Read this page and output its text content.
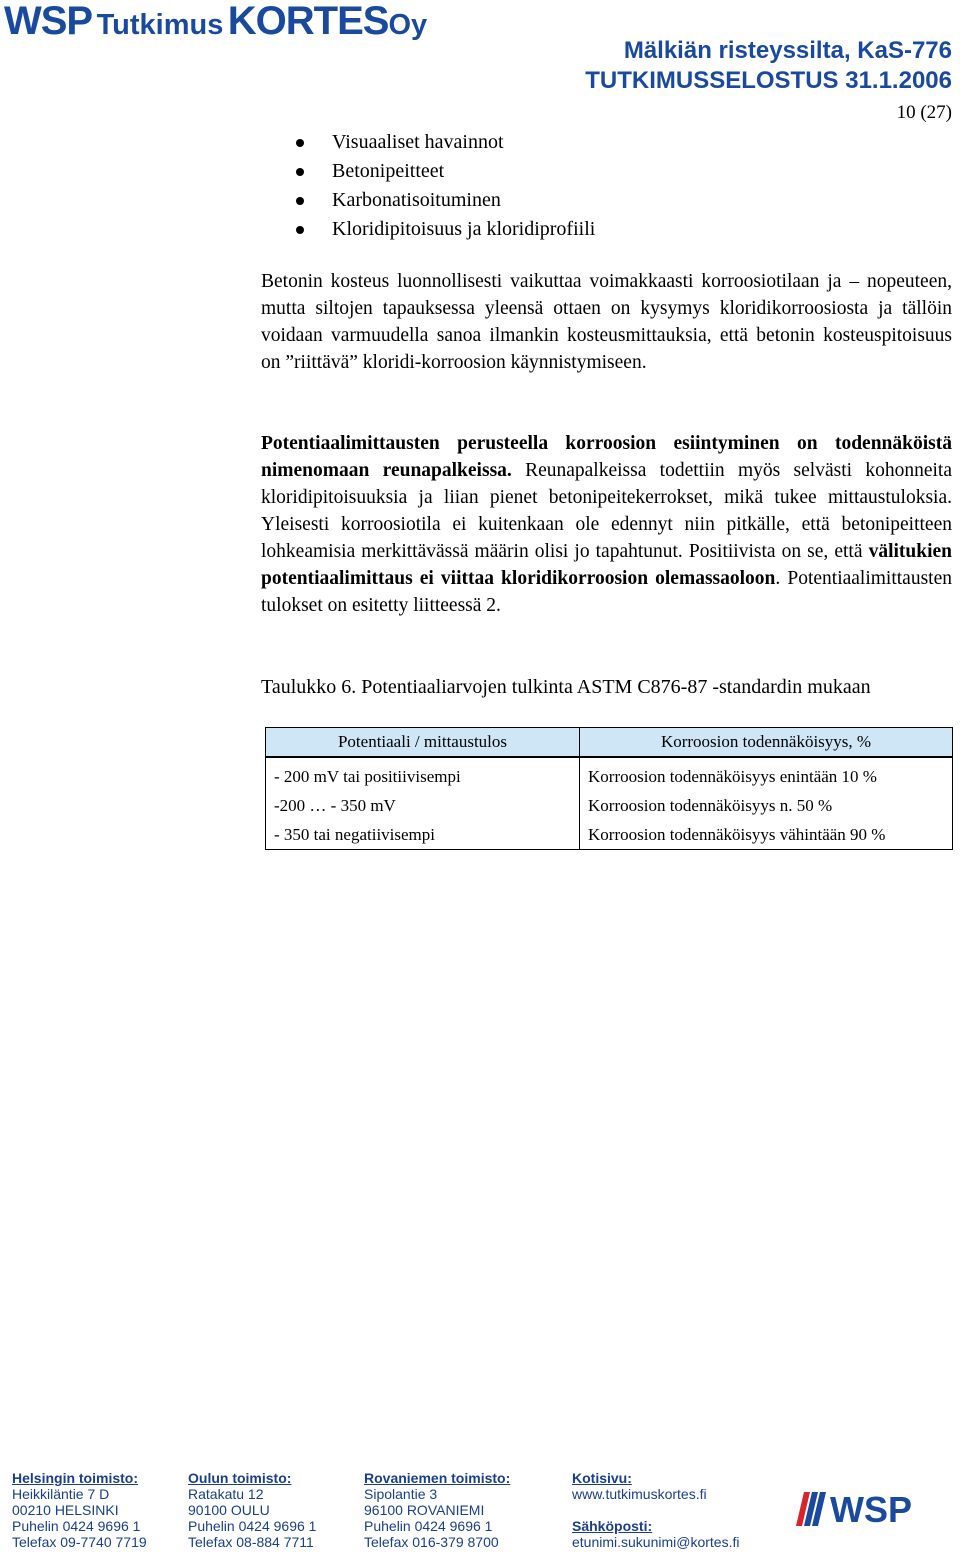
WSP Tutkimus KORTESOy
Mälkiän risteyssilta, KaS-776
TUTKIMUSSELOSTUS 31.1.2006
10 (27)
Visuaaliset havainnot
Betonipeitteet
Karbonatisoituminen
Kloridipitoisuus ja kloridiprofiili
Betonin kosteus luonnollisesti vaikuttaa voimakkaasti korroosiotilaan ja – nopeuteen, mutta siltojen tapauksessa yleensä ottaen on kysymys kloridikorroosiosta ja tällöin voidaan varmuudella sanoa ilmankin kosteusmittauksia, että betonin kosteuspitoisuus on ”riittävä” kloridi-korroosion käynnistymiseen.
Potentiaalimittausten perusteella korroosion esiintyminen on todennäköistä nimenomaan reunapalkeissa. Reunapalkeissa todettiin myös selvästi kohonneita kloridipitoisuuksia ja liian pienet betonipeitekerrokset, mikä tukee mittaustuloksia. Yleisesti korroosiotila ei kuitenkaan ole edennyt niin pitkälle, että betonipeitteen lohkeamisia merkittävässä määrin olisi jo tapahtunut. Positiivista on se, että välitukien potentiaalimittaus ei viittaa kloridikorroosion olemassaoloon. Potentiaalimittausten tulokset on esitetty liitteessä 2.
Taulukko 6. Potentiaaliarvojen tulkinta ASTM C876-87 -standardin mukaan
Potentiaali / mittaustulos	Korroosion todennäköisyys, %
- 200 mV tai positiivisempi	Korroosion todennäköisyys enintään 10 %
-200 … - 350 mV	Korroosion todennäköisyys n. 50 %
- 350 tai negatiivisempi	Korroosion todennäköisyys vähintään 90 %
Helsingin toimisto:
Heikkiläntie 7 D
00210 HELSINKI
Puhelin 0424 9696 1
Telefax 09-7740 7719
Oulun toimisto:
Ratakatu 12
90100 OULU
Puhelin 0424 9696 1
Telefax 08-884 7711
Rovaniemen toimisto:
Sipolantie 3
96100 ROVANIEMI
Puhelin 0424 9696 1
Telefax 016-379 8700
Kotisivu:
www.tutkimuskortes.fi
Sähköposti:
etunimi.sukunimi@kortes.fi
WSP
